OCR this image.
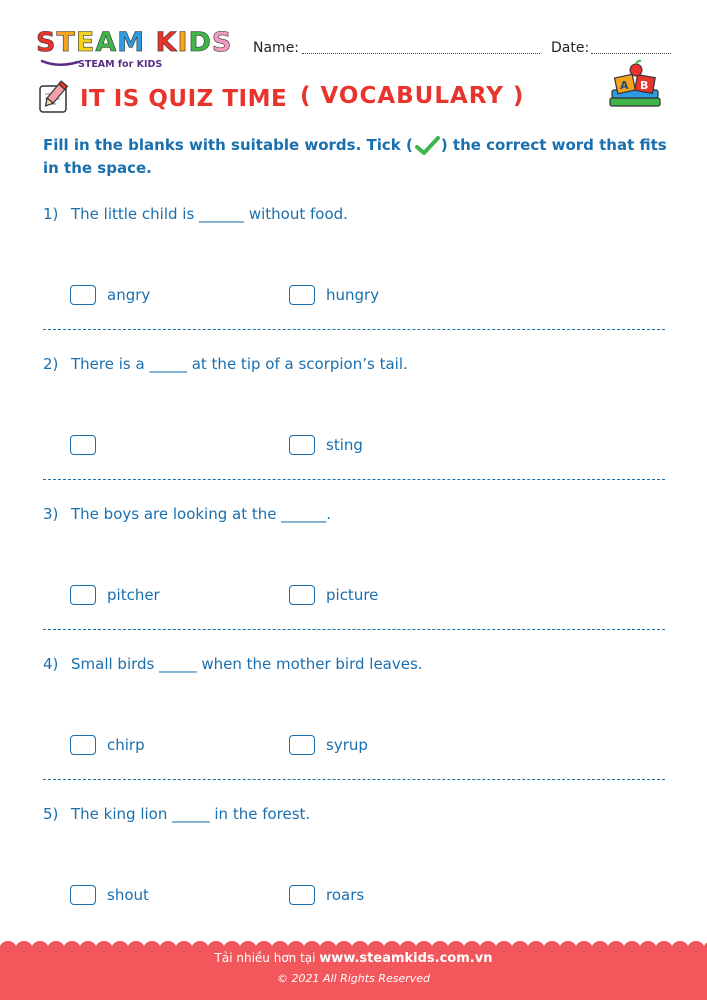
STEAM KIDS
STEAM for KIDS
Name:	Date:
IT IS QUIZ TIME ( VOCABULARY )	A B
Fill in the blanks with suitable words. Tick ( ) the correct word that fits in the space.
1) The little child is ______ without food.
angry	hungry
2) There is a _____ at the tip of a scorpion’s tail.
sting
3) The boys are looking at the ______.
pitcher	picture
4) Small birds _____ when the mother bird leaves.
chirp	syrup
5) The king lion _____ in the forest.
shout	roars
Tải nhiều hơn tại www.steamkids.com.vn
© 2021 All Rights Reserved
